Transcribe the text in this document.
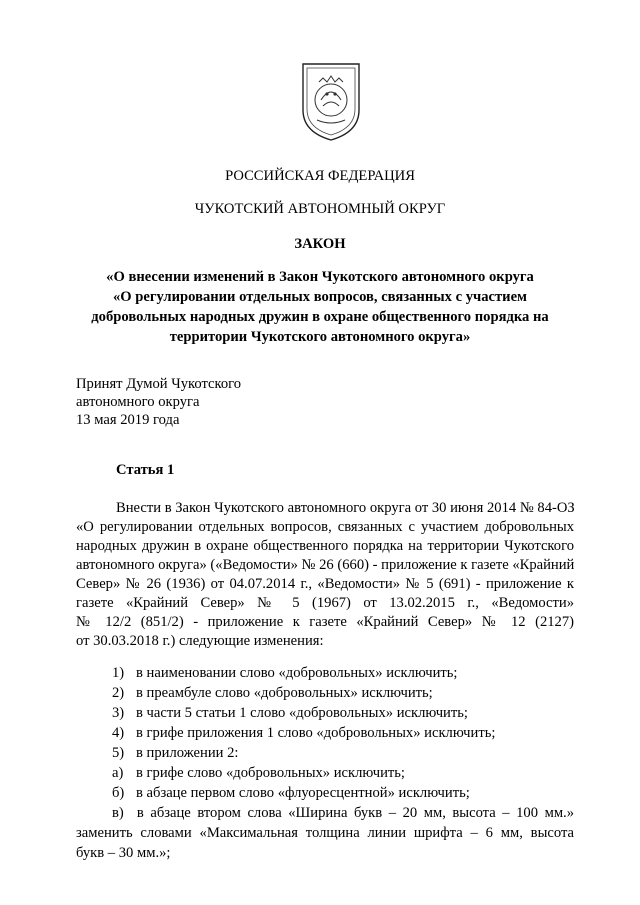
РОССИЙСКАЯ ФЕДЕРАЦИЯ
ЧУКОТСКИЙ АВТОНОМНЫЙ ОКРУГ
ЗАКОН
«О внесении изменений в Закон Чукотского автономного округа
«О регулировании отдельных вопросов, связанных с участием
добровольных народных дружин в охране общественного порядка на
территории Чукотского автономного округа»
Принят Думой Чукотского
автономного округа
13 мая 2019 года
Статья 1
Внести в Закон Чукотского автономного округа от 30 июня 2014 № 84-ОЗ
«О регулировании отдельных вопросов, связанных с участием добровольных
народных дружин в охране общественного порядка на территории Чукотского
автономного округа» («Ведомости» № 26 (660) - приложение к газете «Крайний
Север» № 26 (1936) от 04.07.2014 г., «Ведомости» № 5 (691) - приложение к
газете «Крайний Север» № 5 (1967) от 13.02.2015 г., «Ведомости»
№ 12/2 (851/2) - приложение к газете «Крайний Север» № 12 (2127)
от 30.03.2018 г.) следующие изменения:
1) в наименовании слово «добровольных» исключить;
2) в преамбуле слово «добровольных» исключить;
3) в части 5 статьи 1 слово «добровольных» исключить;
4) в грифе приложения 1 слово «добровольных» исключить;
5) в приложении 2:
а) в грифе слово «добровольных» исключить;
б) в абзаце первом слово «флуоресцентной» исключить;
в) в абзаце втором слова «Ширина букв – 20 мм, высота – 100 мм.»
заменить словами «Максимальная толщина линии шрифта – 6 мм, высота
букв – 30 мм.»;
